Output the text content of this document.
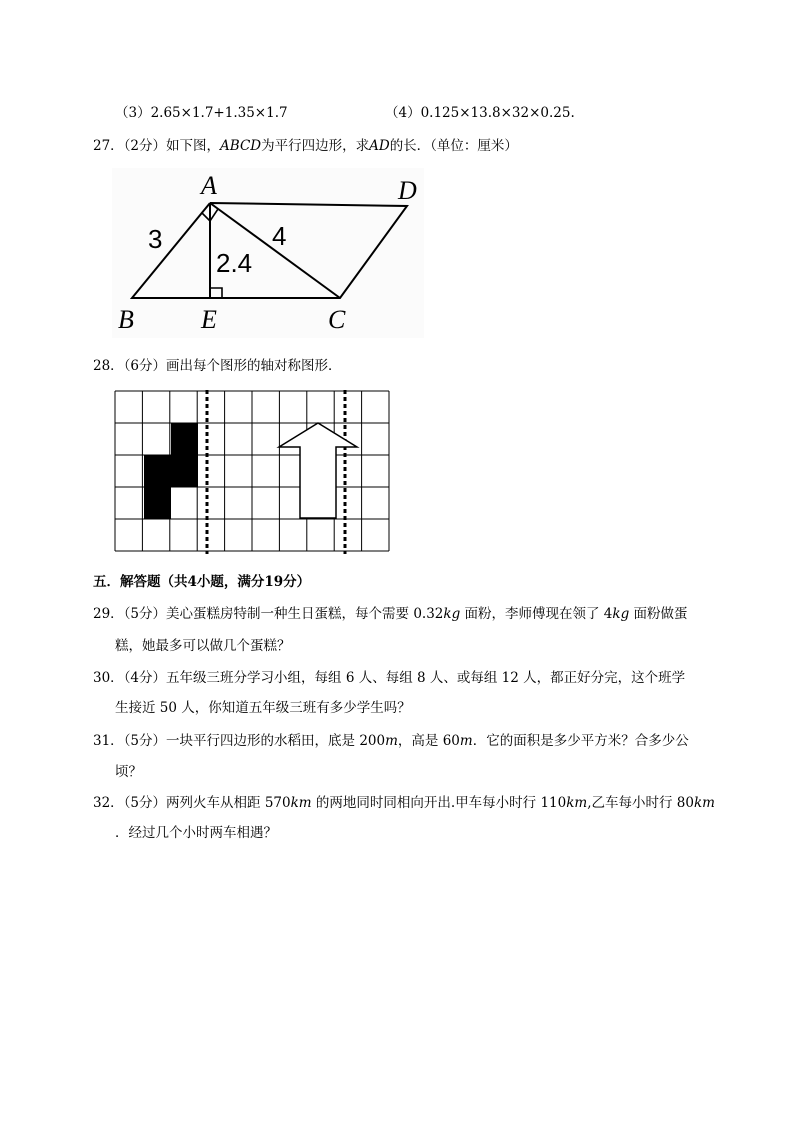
（3）2.65×1.7+1.35×1.7	（4）0.125×13.8×32×0.25.
27．（2分）如下图，ABCD为平行四边形，求AD的长．（单位：厘米）
A	D
B	E	C
3	4
2.4
28．（6分）画出每个图形的轴对称图形．
五．解答题（共4小题，满分19分）
29．（5分）美心蛋糕房特制一种生日蛋糕，每个需要 0.32kg 面粉，李师傅现在领了 4kg 面粉做蛋
糕，她最多可以做几个蛋糕？
30．（4分）五年级三班分学习小组，每组 6 人、每组 8 人、或每组 12 人，都正好分完，这个班学
生接近 50 人，你知道五年级三班有多少学生吗？
31．（5分）一块平行四边形的水稻田，底是 200m，高是 60m．它的面积是多少平方米？合多少公
顷？
32．（5分）两列火车从相距 570km 的两地同时同相向开出.甲车每小时行 110km,乙车每小时行 80km
．经过几个小时两车相遇？
